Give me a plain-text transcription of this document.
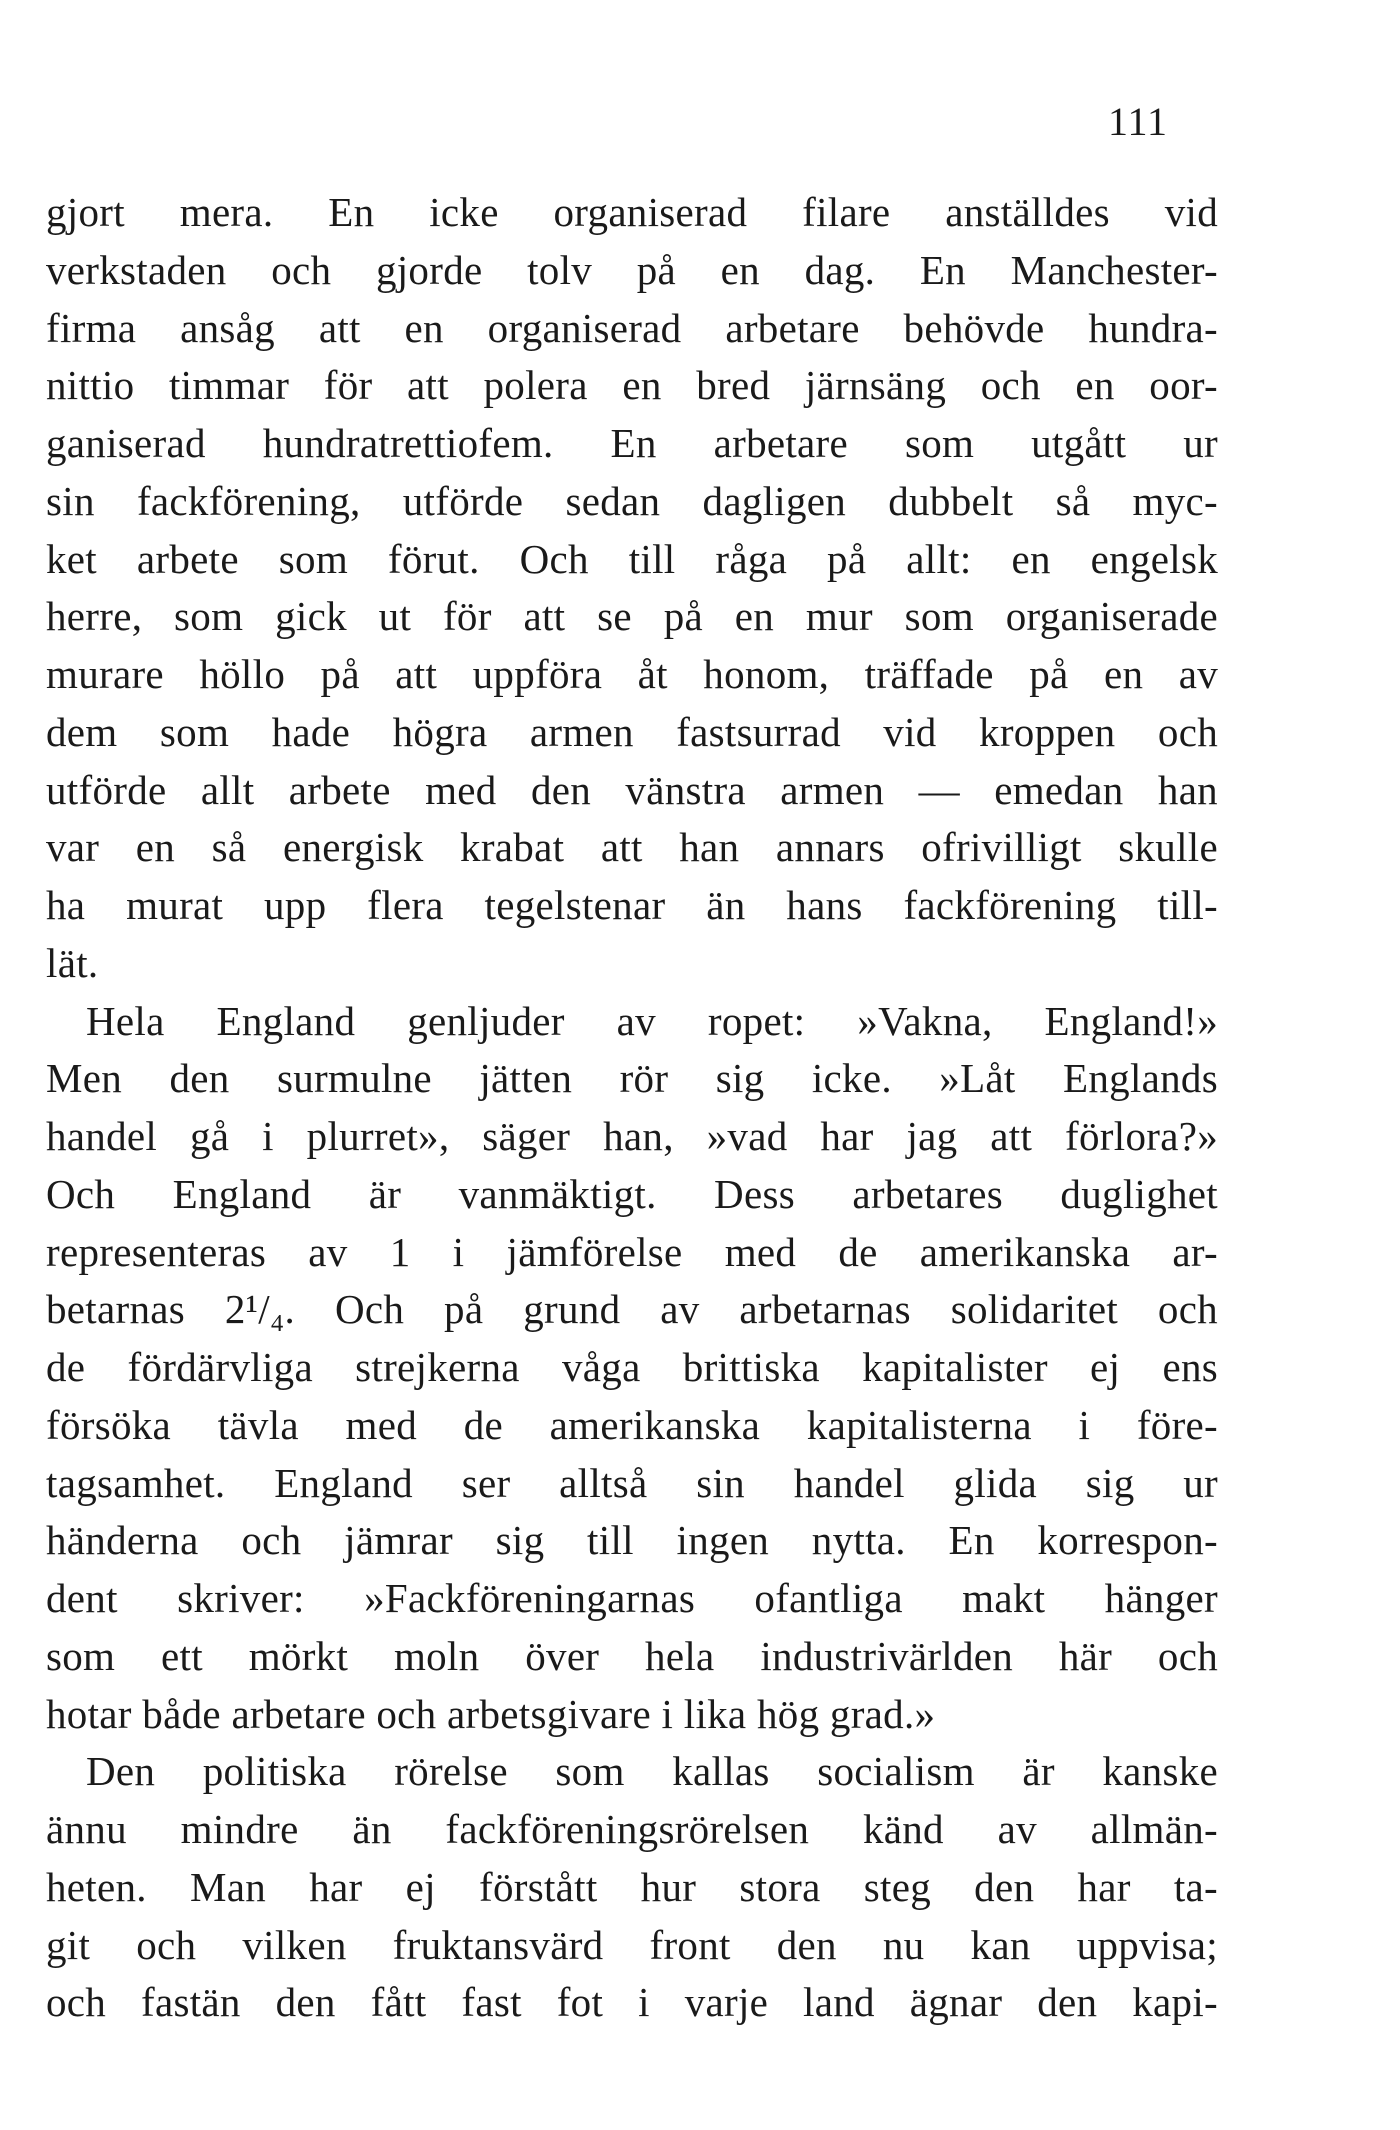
111
gjort mera. En icke organiserad filare anställdes vid
verkstaden och gjorde tolv på en dag. En Manchester-
firma ansåg att en organiserad arbetare behövde hundra-
nittio timmar för att polera en bred järnsäng och en oor-
ganiserad hundratrettiofem. En arbetare som utgått ur
sin fackförening, utförde sedan dagligen dubbelt så myc-
ket arbete som förut. Och till råga på allt: en engelsk
herre, som gick ut för att se på en mur som organiserade
murare höllo på att uppföra åt honom, träffade på en av
dem som hade högra armen fastsurrad vid kroppen och
utförde allt arbete med den vänstra armen — emedan han
var en så energisk krabat att han annars ofrivilligt skulle
ha murat upp flera tegelstenar än hans fackförening till-
lät.
Hela England genljuder av ropet: »Vakna, England!»
Men den surmulne jätten rör sig icke. »Låt Englands
handel gå i plurret», säger han, »vad har jag att förlora?»
Och England är vanmäktigt. Dess arbetares duglighet
representeras av 1 i jämförelse med de amerikanska ar-
betarnas 2¹/₄. Och på grund av arbetarnas solidaritet och
de fördärvliga strejkerna våga brittiska kapitalister ej ens
försöka tävla med de amerikanska kapitalisterna i före-
tagsamhet. England ser alltså sin handel glida sig ur
händerna och jämrar sig till ingen nytta. En korrespon-
dent skriver: »Fackföreningarnas ofantliga makt hänger
som ett mörkt moln över hela industrivärlden här och
hotar både arbetare och arbetsgivare i lika hög grad.»
Den politiska rörelse som kallas socialism är kanske
ännu mindre än fackföreningsrörelsen känd av allmän-
heten. Man har ej förstått hur stora steg den har ta-
git och vilken fruktansvärd front den nu kan uppvisa;
och fastän den fått fast fot i varje land ägnar den kapi-
